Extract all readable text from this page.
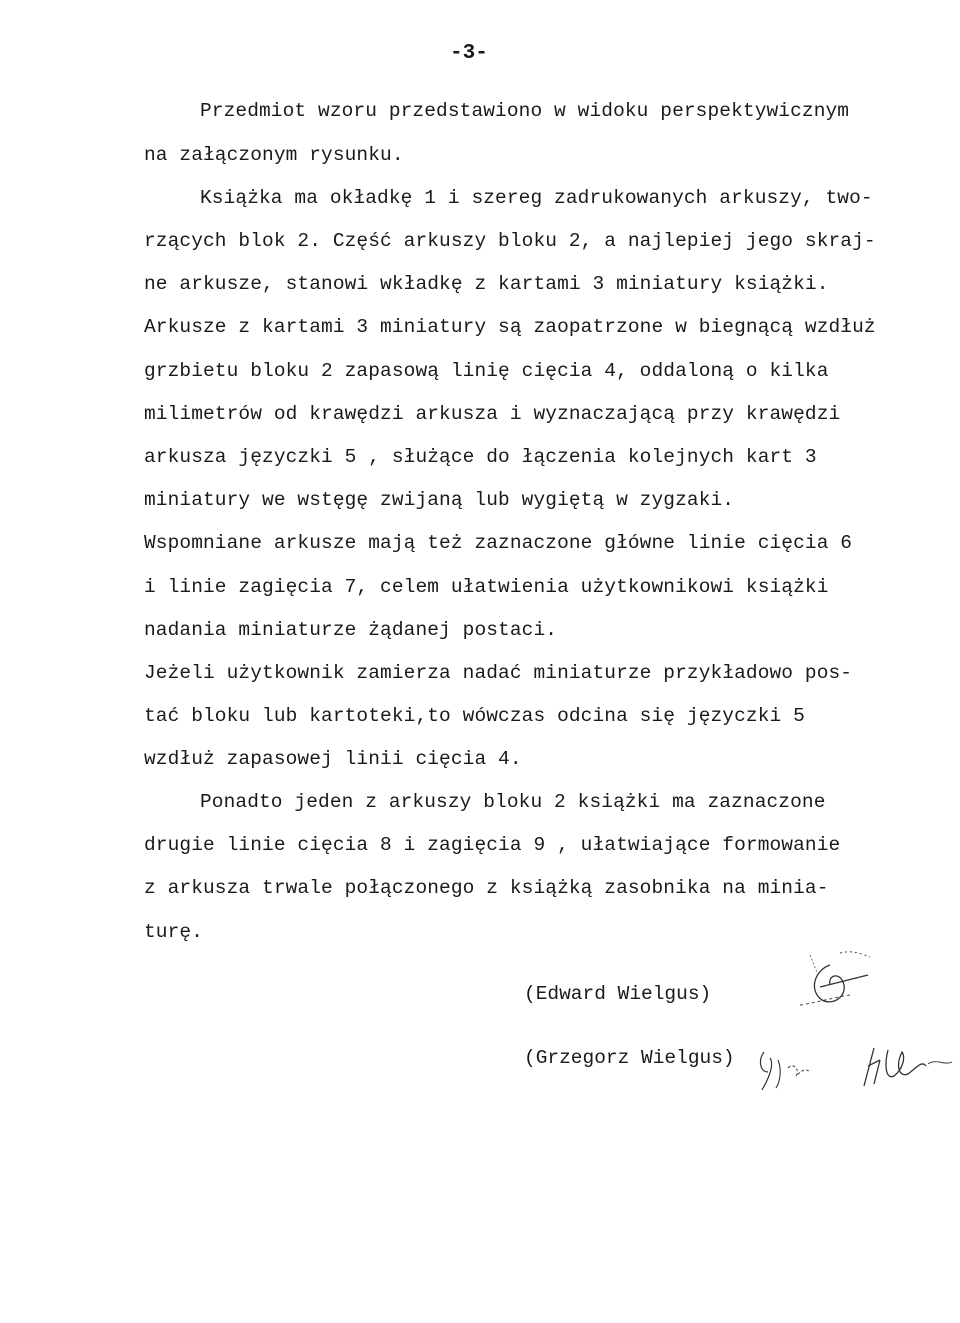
-3-
Przedmiot wzoru przedstawiono w widoku perspektywicznym
na załączonym rysunku.
Książka ma okładkę 1 i szereg zadrukowanych arkuszy, two-
rzących blok 2. Część arkuszy bloku 2, a najlepiej jego skraj-
ne arkusze, stanowi wkładkę z kartami 3 miniatury książki.
Arkusze z kartami 3 miniatury są zaopatrzone w biegnącą wzdłuż
grzbietu bloku 2 zapasową linię cięcia 4, oddaloną o kilka
milimetrów od krawędzi arkusza i wyznaczającą przy krawędzi
arkusza języczki 5 , służące do łączenia kolejnych kart 3
miniatury we wstęgę zwijaną lub wygiętą w zygzaki.
Wspomniane arkusze mają też zaznaczone główne linie cięcia 6
i linie zagięcia 7, celem ułatwienia użytkownikowi książki
nadania miniaturze żądanej postaci.
Jeżeli użytkownik zamierza nadać miniaturze przykładowo pos-
tać bloku lub kartoteki,to wówczas odcina się języczki 5
wzdłuż zapasowej linii cięcia 4.
Ponadto jeden z arkuszy bloku 2 książki ma zaznaczone
drugie linie cięcia 8 i zagięcia 9 , ułatwiające formowanie
z arkusza trwale połączonego z książką zasobnika na minia-
turę.
(Edward Wielgus)
(Grzegorz Wielgus)
